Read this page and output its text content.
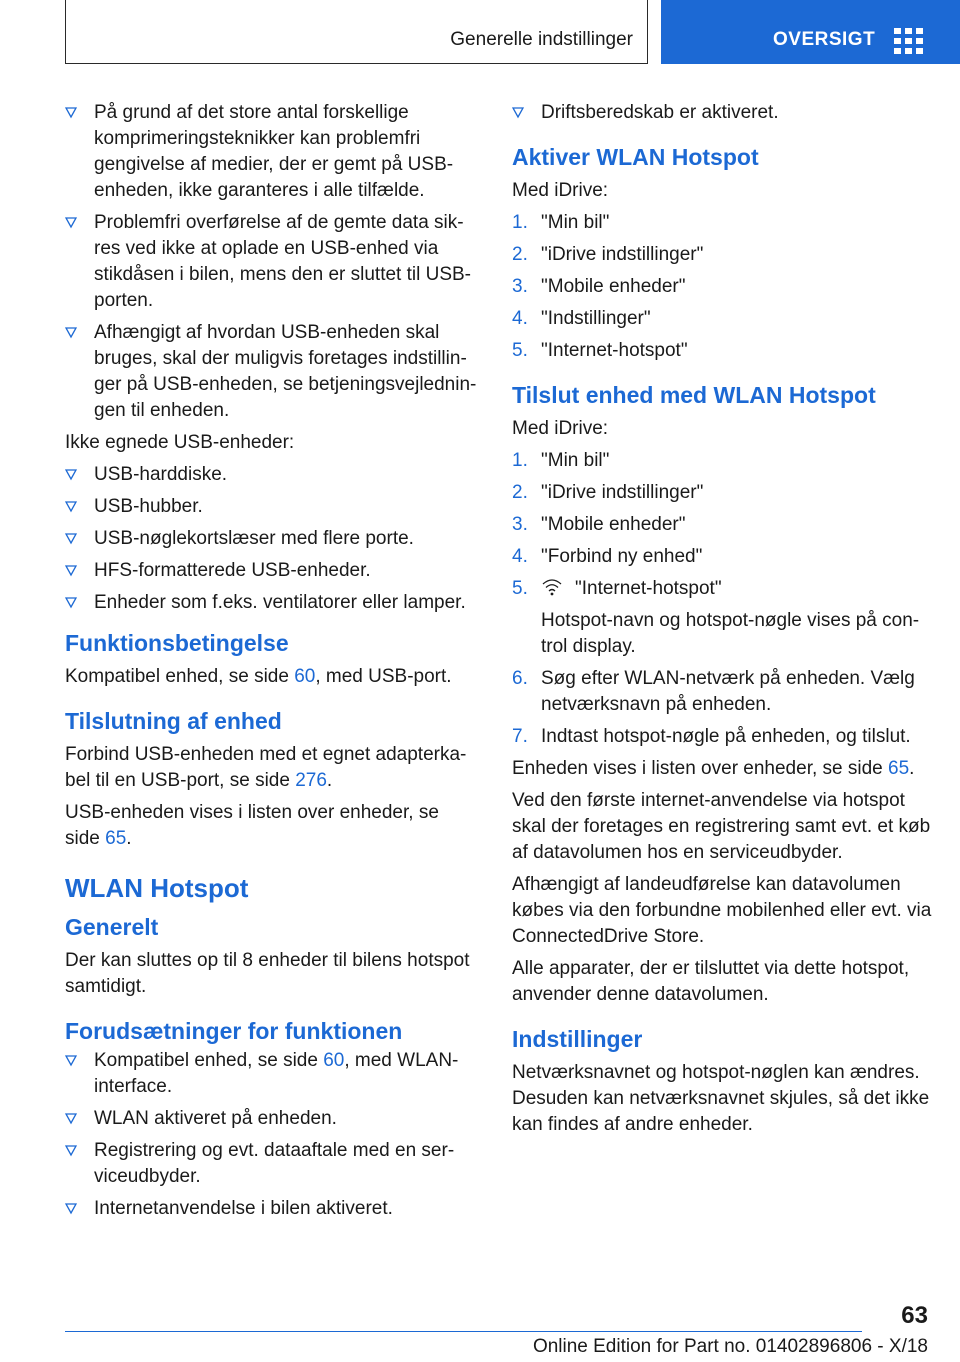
Generelle indstillinger	OVERSIGT
På grund af det store antal forskellige komprimeringsteknikker kan problemfri gengivelse af medier, der er gemt på USB-enheden, ikke garanteres i alle tilfælde.
Problemfri overførelse af de gemte data sikres ved ikke at oplade en USB-enhed via stikdåsen i bilen, mens den er sluttet til USB-porten.
Afhængigt af hvordan USB-enheden skal bruges, skal der muligvis foretages indstillinger på USB-enheden, se betjeningsvejledningen til enheden.

Ikke egnede USB-enheder:

USB-harddiske.
USB-hubber.
USB-nøglekortslæser med flere porte.
HFS-formatterede USB-enheder.
Enheder som f.eks. ventilatorer eller lamper.
Funktionsbetingelse

Kompatibel enhed, se side 60, med USB-port.

Tilslutning af enhed

Forbind USB-enheden med et egnet adapterkabel til en USB-port, se side 276.

USB-enheden vises i listen over enheder, se side 65.

WLAN Hotspot
Generelt

Der kan sluttes op til 8 enheder til bilens hotspot samtidigt.

Forudsætninger for funktionen
Kompatibel enhed, se side 60, med WLAN-interface.
WLAN aktiveret på enheden.
Registrering og evt. dataaftale med en serviceudbyder.
Internetanvendelse i bilen aktiveret.
Driftsberedskab er aktiveret.
Aktiver WLAN Hotspot

Med iDrive:

1. "Min bil"
2. "iDrive indstillinger"
3. "Mobile enheder"
4. "Indstillinger"
5. "Internet-hotspot"
Tilslut enhed med WLAN Hotspot

Med iDrive:

1. "Min bil"
2. "iDrive indstillinger"
3. "Mobile enheder"
4. "Forbind ny enhed"
5. "Internet-hotspot"

Hotspot-navn og hotspot-nøgle vises på control display.

6. Søg efter WLAN-netværk på enheden. Vælg netværksnavn på enheden.
7. Indtast hotspot-nøgle på enheden, og tilslut.

Enheden vises i listen over enheder, se side 65.

Ved den første internet-anvendelse via hotspot skal der foretages en registrering samt evt. et køb af datavolumen hos en serviceudbyder.

Afhængigt af landeudførelse kan datavolumen købes via den forbundne mobilenhed eller evt. via ConnectedDrive Store.

Alle apparater, der er tilsluttet via dette hotspot, anvender denne datavolumen.

Indstillinger

Netværksnavnet og hotspot-nøglen kan ændres. Desuden kan netværksnavnet skjules, så det ikke kan findes af andre enheder.

63
Online Edition for Part no. 01402896806 - X/18
